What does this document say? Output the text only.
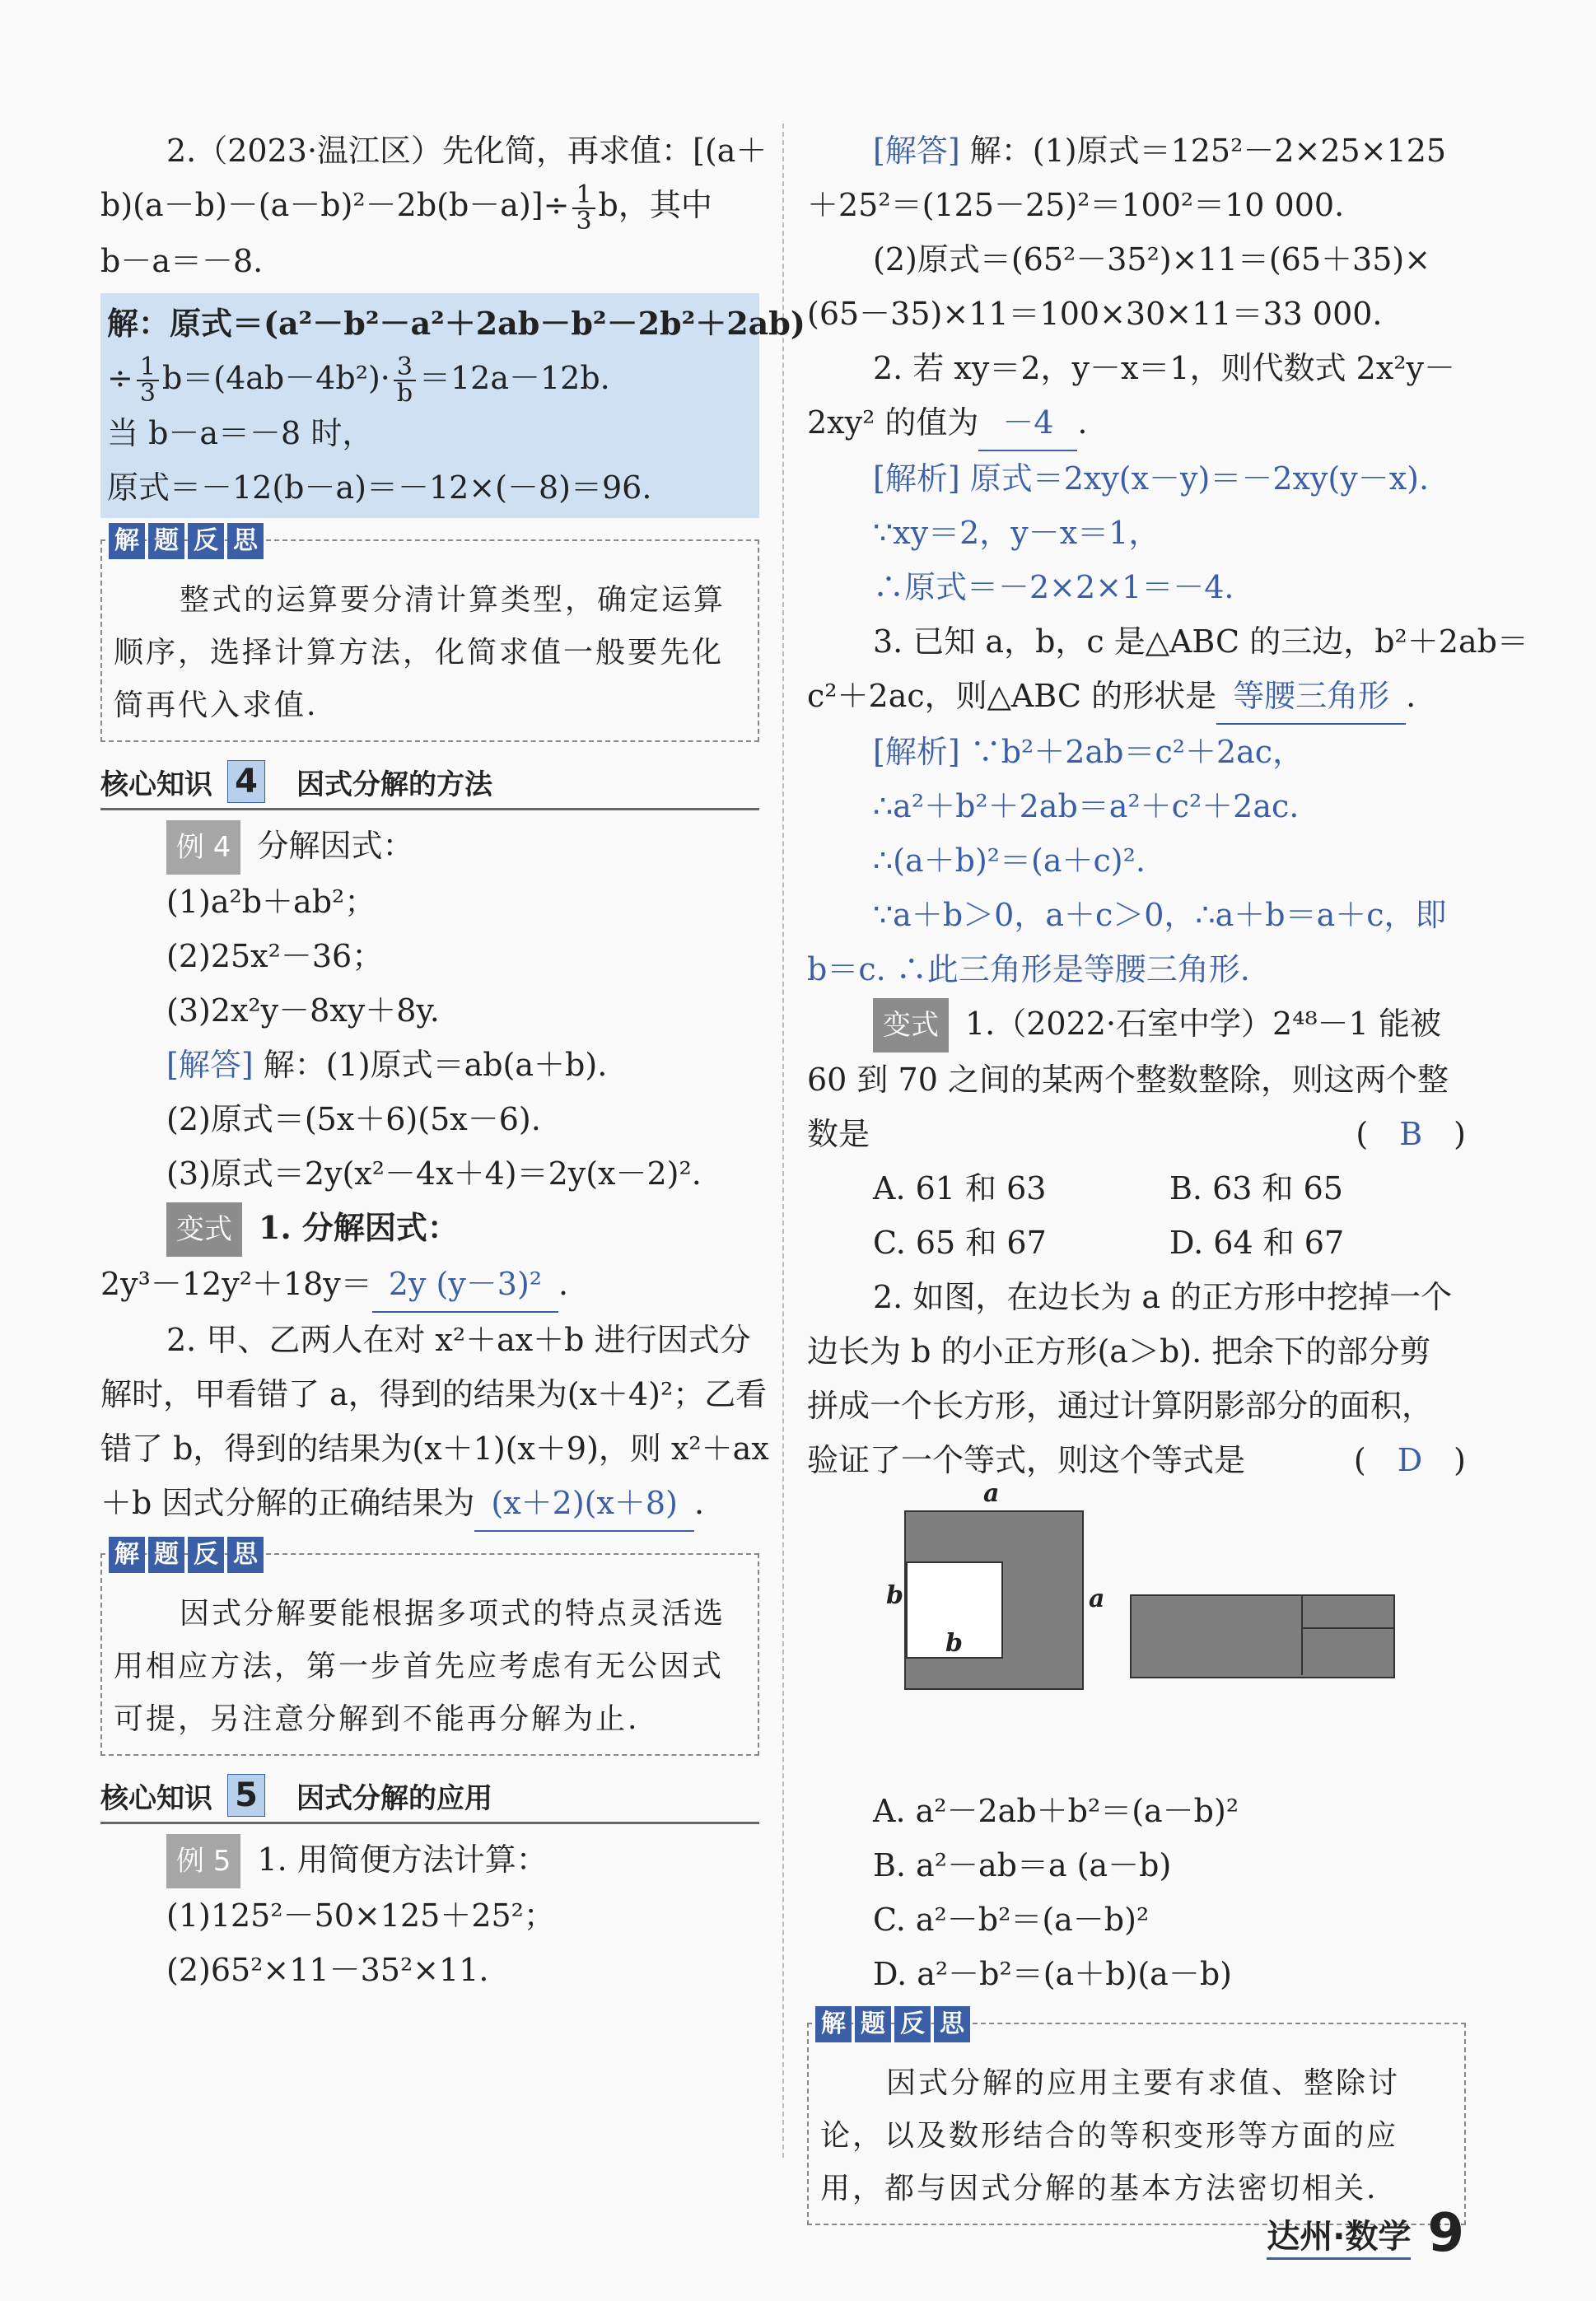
2.（2023·温江区）先化简，再求值：[(a＋
$b)(a-b)-(a-b)^2-2b(b-a)]\div \frac{1}{3}$ b，其中
b－a＝－8.
解：原式＝(a²－b²－a²＋2ab－b²－2b²＋2ab)
÷ $\frac{1}{3} b=(4ab-4b^2)\cdot \frac{3}{b} =12a-12b$.
当 b－a＝－8 时，
原式＝－12(b－a)＝－12×(－8)＝96.
解 题 反 思
整式的运算要分清计算类型，确定运算顺序，选择计算方法，化简求值一般要先化简再代入求值.
核心知识 4 因式分解的方法
例 4 分解因式：
(1)a²b＋ab²；
(2)25x²－36；
(3)2x²y－8xy＋8y.
[解答] 解：(1)原式＝ab(a＋b).
(2)原式＝(5x＋6)(5x－6).
(3)原式＝2y(x²－4x＋4)＝2y(x－2)².
变式 1. 分解因式：
2y³－12y²＋18y＝ 2y (y－3)² .
2. 甲、乙两人在对 x²＋ax＋b 进行因式分
解时，甲看错了 a，得到的结果为(x＋4)²；乙看
错了 b，得到的结果为(x＋1)(x＋9)，则 x²＋ax
＋b 因式分解的正确结果为 (x＋2)(x＋8) .
解 题 反 思
因式分解要能根据多项式的特点灵活选用相应方法，第一步首先应考虑有无公因式可提，另注意分解到不能再分解为止.
核心知识 5 因式分解的应用
例 5 1. 用简便方法计算：
(1)125²－50×125＋25²；
(2)65²×11－35²×11.
[解答] 解：(1)原式＝125²－2×25×125
＋25²＝(125－25)²＝100²＝10 000.
(2)原式＝(65²－35²)×11＝(65＋35)×
(65－35)×11＝100×30×11＝33 000.
2. 若 xy＝2，y－x＝1，则代数式 2x²y－
2xy² 的值为 －4 .
[解析] 原式＝2xy(x－y)＝－2xy(y－x).
∵xy＝2，y－x＝1，
∴原式＝－2×2×1＝－4.
3. 已知 a，b，c 是△ABC 的三边，b²＋2ab＝
c²＋2ac，则△ABC 的形状是 等腰三角形 .
[解析] ∵b²＋2ab＝c²＋2ac，
∴a²＋b²＋2ab＝a²＋c²＋2ac.
∴(a＋b)²＝(a＋c)².
∵a＋b＞0，a＋c＞0，∴a＋b＝a＋c，即
b＝c. ∴此三角形是等腰三角形.
变式 1.（2022·石室中学）2⁴⁸－1 能被
60 到 70 之间的某两个整数整除，则这两个整
数是	(　B　)
A. 61 和 63	B. 63 和 65
C. 65 和 67	D. 64 和 67
2. 如图，在边长为 a 的正方形中挖掉一个
边长为 b 的小正方形(a＞b). 把余下的部分剪
拼成一个长方形，通过计算阴影部分的面积，
验证了一个等式，则这个等式是	(　D　)
a
a
b
b
A. a²－2ab＋b²＝(a－b)²
B. a²－ab＝a (a－b)
C. a²－b²＝(a－b)²
D. a²－b²＝(a＋b)(a－b)
解 题 反 思
因式分解的应用主要有求值、整除讨论，以及数形结合的等积变形等方面的应用，都与因式分解的基本方法密切相关.
达州·数学 9
